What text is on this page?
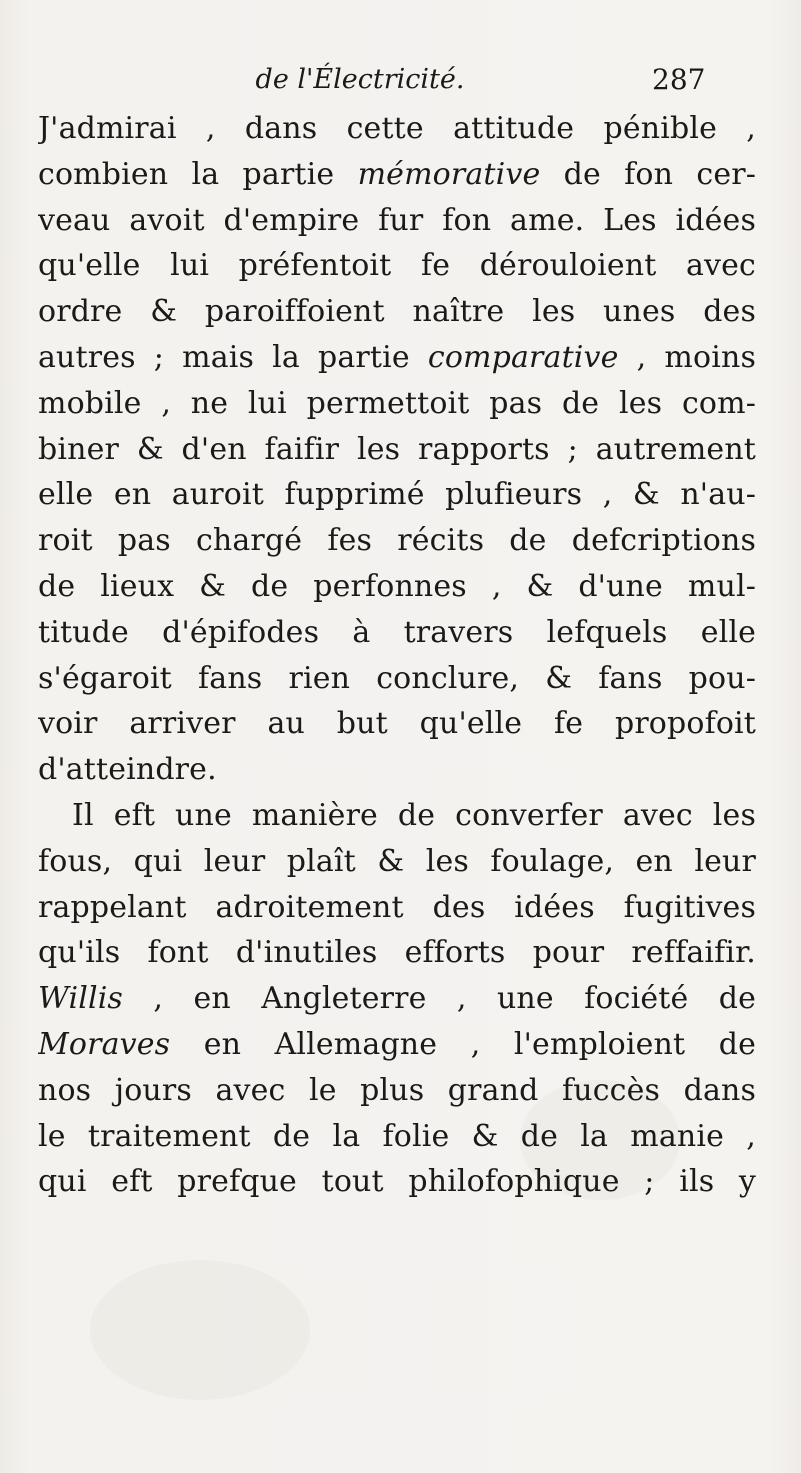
de l'Électricité.	287
J'admirai , dans cette attitude pénible ,
combien la partie mémorative de fon cer-
veau avoit d'empire fur fon ame. Les idées
qu'elle lui préfentoit fe dérouloient avec
ordre & paroiffoient naître les unes des
autres ; mais la partie comparative , moins
mobile , ne lui permettoit pas de les com-
biner & d'en faifir les rapports ; autrement
elle en auroit fupprimé plufieurs , & n'au-
roit pas chargé fes récits de defcriptions
de lieux & de perfonnes , & d'une mul-
titude d'épifodes à travers lefquels elle
s'égaroit fans rien conclure, & fans pou-
voir arriver au but qu'elle fe propofoit
d'atteindre.
Il eft une manière de converfer avec les
fous, qui leur plaît & les foulage, en leur
rappelant adroitement des idées fugitives
qu'ils font d'inutiles efforts pour reffaifir.
Willis , en Angleterre , une fociété de
Moraves en Allemagne , l'emploient de
nos jours avec le plus grand fuccès dans
le traitement de la folie & de la manie ,
qui eft prefque tout philofophique ; ils y
